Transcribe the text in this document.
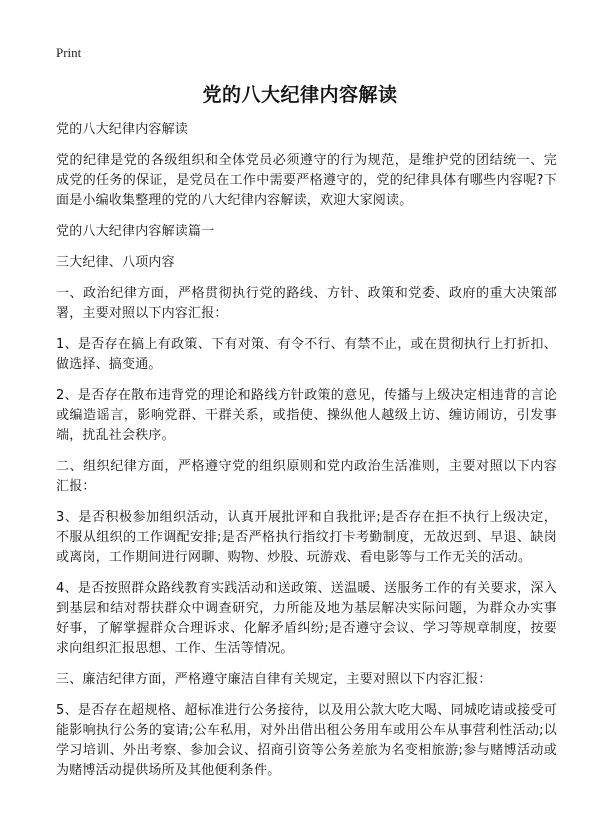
Print
党的八大纪律内容解读

党的八大纪律内容解读

党的纪律是党的各级组织和全体党员必须遵守的行为规范，是维护党的团结统一、完成党的任务的保证，是党员在工作中需要严格遵守的，党的纪律具体有哪些内容呢?下面是小编收集整理的党的八大纪律内容解读，欢迎大家阅读。

党的八大纪律内容解读篇一

三大纪律、八项内容

一、政治纪律方面，严格贯彻执行党的路线、方针、政策和党委、政府的重大决策部署，主要对照以下内容汇报：

1、是否存在搞上有政策、下有对策、有令不行、有禁不止，或在贯彻执行上打折扣、做选择、搞变通。

2、是否存在散布违背党的理论和路线方针政策的意见，传播与上级决定相违背的言论或编造谣言，影响党群、干群关系，或指使、操纵他人越级上访、缠访闹访，引发事端，扰乱社会秩序。

二、组织纪律方面，严格遵守党的组织原则和党内政治生活准则，主要对照以下内容汇报：

3、是否积极参加组织活动，认真开展批评和自我批评;是否存在拒不执行上级决定，不服从组织的工作调配安排;是否严格执行指纹打卡考勤制度，无故迟到、早退、缺岗或离岗，工作期间进行网聊、购物、炒股、玩游戏、看电影等与工作无关的活动。

4、是否按照群众路线教育实践活动和送政策、送温暖、送服务工作的有关要求，深入到基层和结对帮扶群众中调查研究，力所能及地为基层解决实际问题，为群众办实事好事，了解掌握群众合理诉求、化解矛盾纠纷;是否遵守会议、学习等规章制度，按要求向组织汇报思想、工作、生活等情况。

三、廉洁纪律方面，严格遵守廉洁自律有关规定，主要对照以下内容汇报：

5、是否存在超规格、超标准进行公务接待，以及用公款大吃大喝、同城吃请或接受可能影响执行公务的宴请;公车私用，对外出借出租公务用车或用公车从事营利性活动;以学习培训、外出考察、参加会议、招商引资等公务差旅为名变相旅游;参与赌博活动或为赌博活动提供场所及其他便利条件。
